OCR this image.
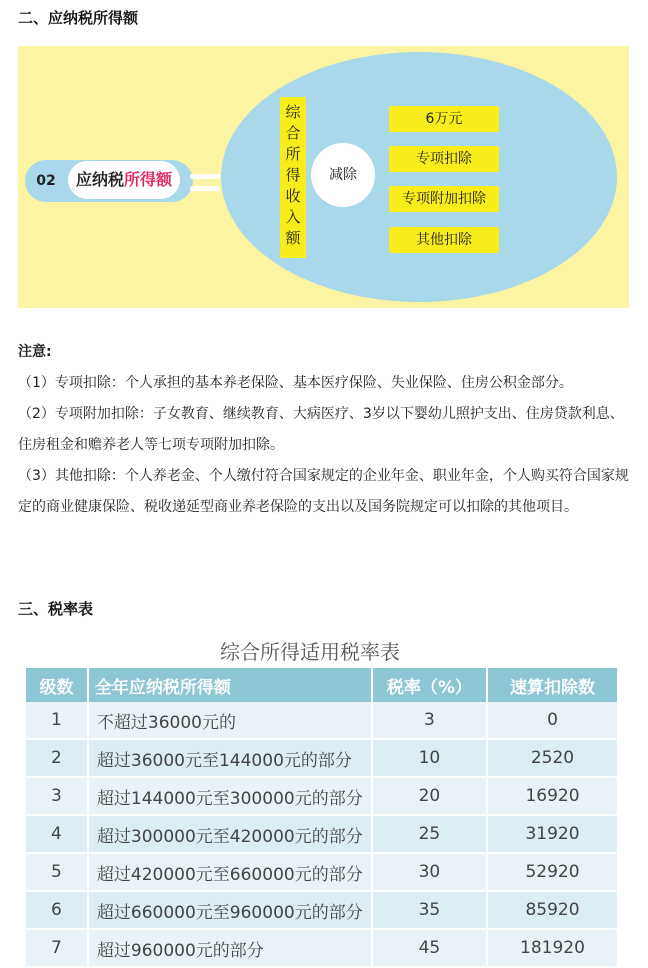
二、应纳税所得额
02	应纳税所得额
综
合
所
得
收
入
额
减除
6万元
专项扣除
专项附加扣除
其他扣除

注意:

（1）专项扣除：个人承担的基本养老保险、基本医疗保险、失业保险、住房公积金部分。

（2）专项附加扣除：子女教育、继续教育、大病医疗、3岁以下婴幼儿照护支出、住房贷款利息、住房租金和赡养老人等七项专项附加扣除。

（3）其他扣除：个人养老金、个人缴付符合国家规定的企业年金、职业年金，个人购买符合国家规定的商业健康保险、税收递延型商业养老保险的支出以及国务院规定可以扣除的其他项目。

三、税率表
综合所得适用税率表
级数	全年应纳税所得额	税率（%）	速算扣除数
1	不超过36000元的	3	0
2	超过36000元至144000元的部分	10	2520
3	超过144000元至300000元的部分	20	16920
4	超过300000元至420000元的部分	25	31920
5	超过420000元至660000元的部分	30	52920
6	超过660000元至960000元的部分	35	85920
7	超过960000元的部分	45	181920
